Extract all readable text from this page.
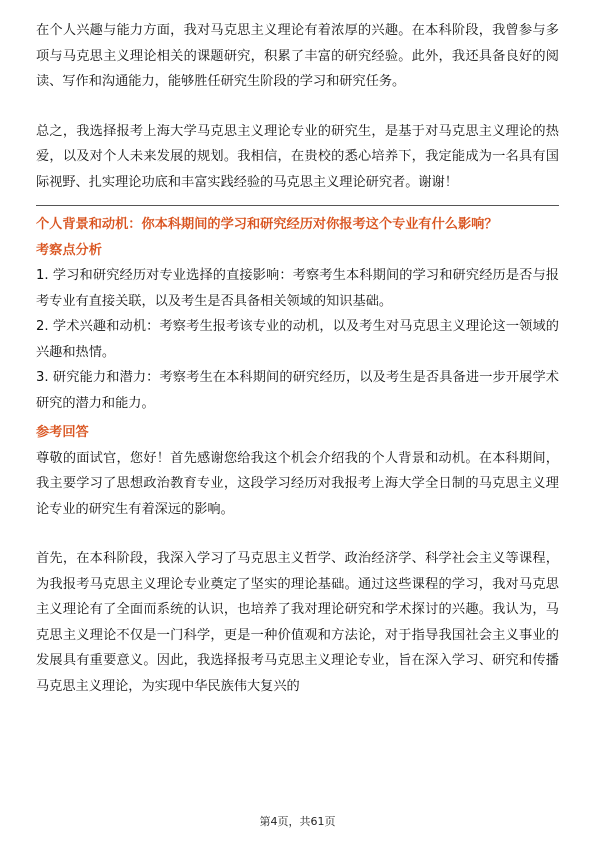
在个人兴趣与能力方面，我对马克思主义理论有着浓厚的兴趣。在本科阶段，我曾参与多项与马克思主义理论相关的课题研究，积累了丰富的研究经验。此外，我还具备良好的阅读、写作和沟通能力，能够胜任研究生阶段的学习和研究任务。

总之，我选择报考上海大学马克思主义理论专业的研究生，是基于对马克思主义理论的热爱，以及对个人未来发展的规划。我相信，在贵校的悉心培养下，我定能成为一名具有国际视野、扎实理论功底和丰富实践经验的马克思主义理论研究者。谢谢！

个人背景和动机：你本科期间的学习和研究经历对你报考这个专业有什么影响？
考察点分析

1. 学习和研究经历对专业选择的直接影响：考察考生本科期间的学习和研究经历是否与报考专业有直接关联，以及考生是否具备相关领域的知识基础。

2. 学术兴趣和动机：考察考生报考该专业的动机，以及考生对马克思主义理论这一领域的兴趣和热情。

3. 研究能力和潜力：考察考生在本科期间的研究经历，以及考生是否具备进一步开展学术研究的潜力和能力。

参考回答

尊敬的面试官，您好！首先感谢您给我这个机会介绍我的个人背景和动机。在本科期间，我主要学习了思想政治教育专业，这段学习经历对我报考上海大学全日制的马克思主义理论专业的研究生有着深远的影响。

首先，在本科阶段，我深入学习了马克思主义哲学、政治经济学、科学社会主义等课程，为我报考马克思主义理论专业奠定了坚实的理论基础。通过这些课程的学习，我对马克思主义理论有了全面而系统的认识，也培养了我对理论研究和学术探讨的兴趣。我认为，马克思主义理论不仅是一门科学，更是一种价值观和方法论，对于指导我国社会主义事业的发展具有重要意义。因此，我选择报考马克思主义理论专业，旨在深入学习、研究和传播马克思主义理论，为实现中华民族伟大复兴的

第4页，共61页
